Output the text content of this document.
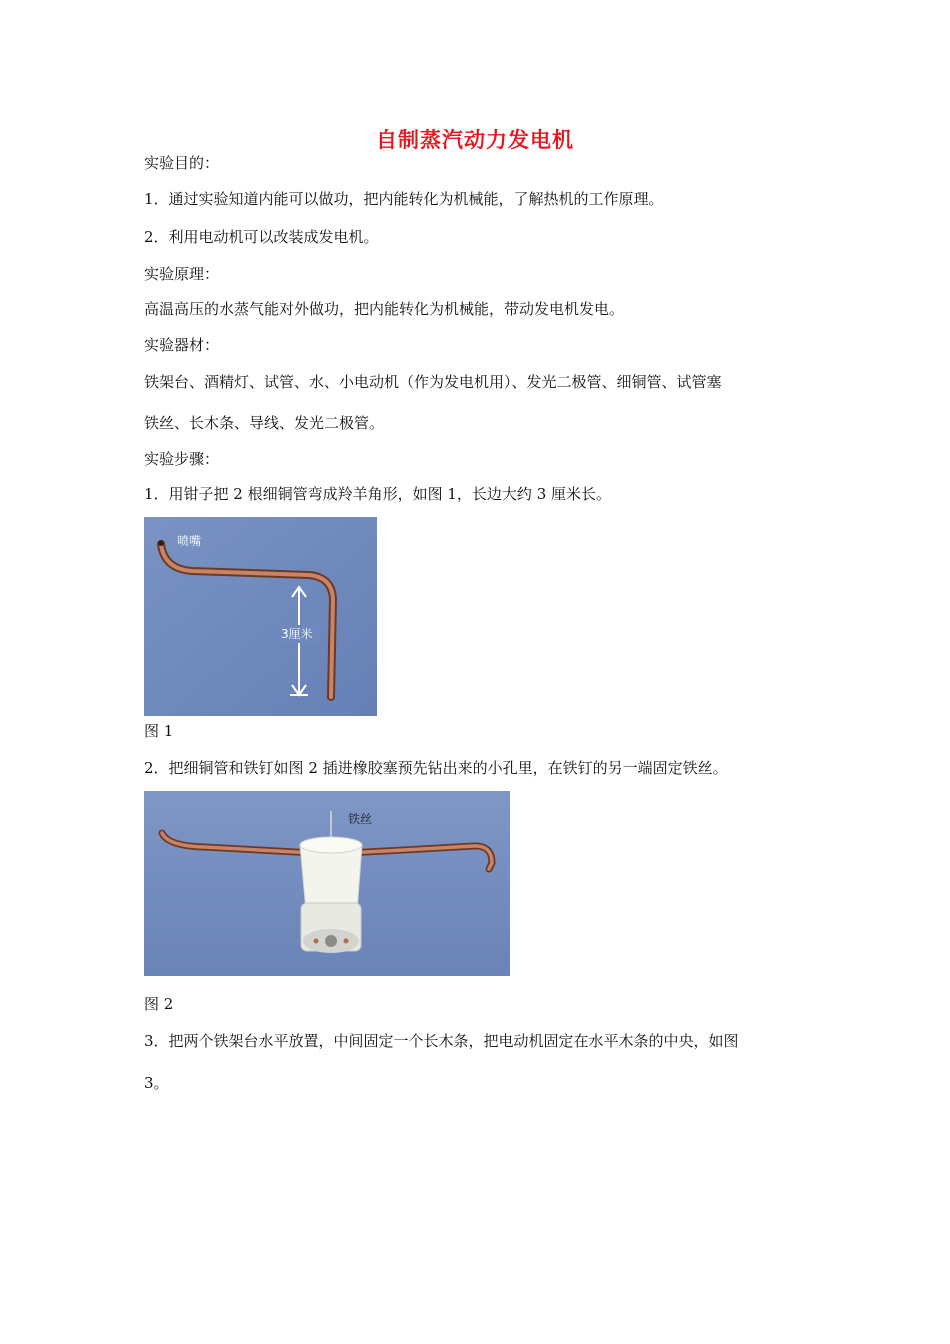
自制蒸汽动力发电机
实验目的：
1．通过实验知道内能可以做功，把内能转化为机械能，了解热机的工作原理。
2．利用电动机可以改装成发电机。
实验原理：
高温高压的水蒸气能对外做功，把内能转化为机械能，带动发电机发电。
实验器材：
铁架台、酒精灯、试管、水、小电动机（作为发电机用）、发光二极管、细铜管、试管塞
铁丝、长木条、导线、发光二极管。
实验步骤：
1．用钳子把 2 根细铜管弯成羚羊角形，如图 1，长边大约 3 厘米长。
喷嘴
3厘米
图 1
2．把细铜管和铁钉如图 2 插进橡胶塞预先钻出来的小孔里，在铁钉的另一端固定铁丝。
铁丝
图 2
3．把两个铁架台水平放置，中间固定一个长木条，把电动机固定在水平木条的中央，如图
3。
